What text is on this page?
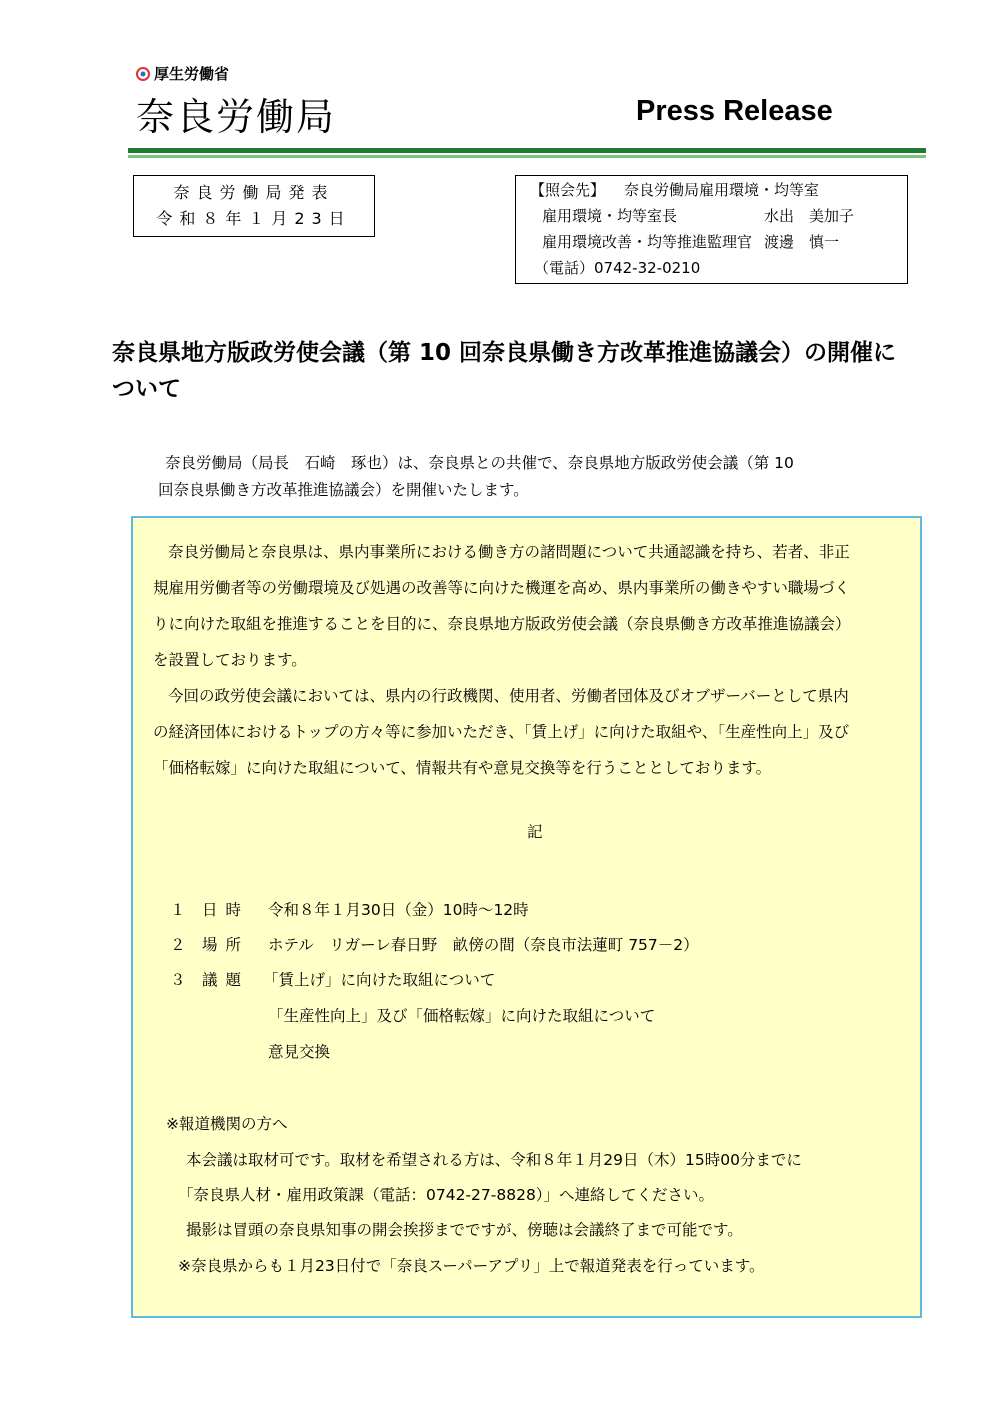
厚生労働省
奈良労働局	Press Release
奈良労働局発表
令和８年１月23日
【照会先】 奈良労働局雇用環境・均等室
雇用環境・均等室長	水出　美加子
雇用環境改善・均等推進監理官 渡邊　慎一
（電話）0742-32-0210
奈良県地方版政労使会議（第 10 回奈良県働き方改革推進協議会）の開催について
奈良労働局（局長　石崎　琢也）は、奈良県との共催で、奈良県地方版政労使会議（第 10
回奈良県働き方改革推進協議会）を開催いたします。
奈良労働局と奈良県は、県内事業所における働き方の諸問題について共通認識を持ち、若者、非正
規雇用労働者等の労働環境及び処遇の改善等に向けた機運を高め、県内事業所の働きやすい職場づく
りに向けた取組を推進することを目的に、奈良県地方版政労使会議（奈良県働き方改革推進協議会）
を設置しております。
今回の政労使会議においては、県内の行政機関、使用者、労働者団体及びオブザーバーとして県内
の経済団体におけるトップの方々等に参加いただき、「賃上げ」に向けた取組や、「生産性向上」及び
「価格転嫁」に向けた取組について、情報共有や意見交換等を行うこととしております。
記
１ 日時 令和８年１月30日（金）10時～12時
２ 場所 ホテル　リガーレ春日野　畝傍の間（奈良市法蓮町 757－2）
３ 議題 「賃上げ」に向けた取組について
「生産性向上」及び「価格転嫁」に向けた取組について
意見交換
※報道機関の方へ
本会議は取材可です。取材を希望される方は、令和８年１月29日（木）15時00分までに
「奈良県人材・雇用政策課（電話：0742-27-8828）」へ連絡してください。
撮影は冒頭の奈良県知事の開会挨拶までですが、傍聴は会議終了まで可能です。
※奈良県からも１月23日付で「奈良スーパーアプリ」上で報道発表を行っています。
